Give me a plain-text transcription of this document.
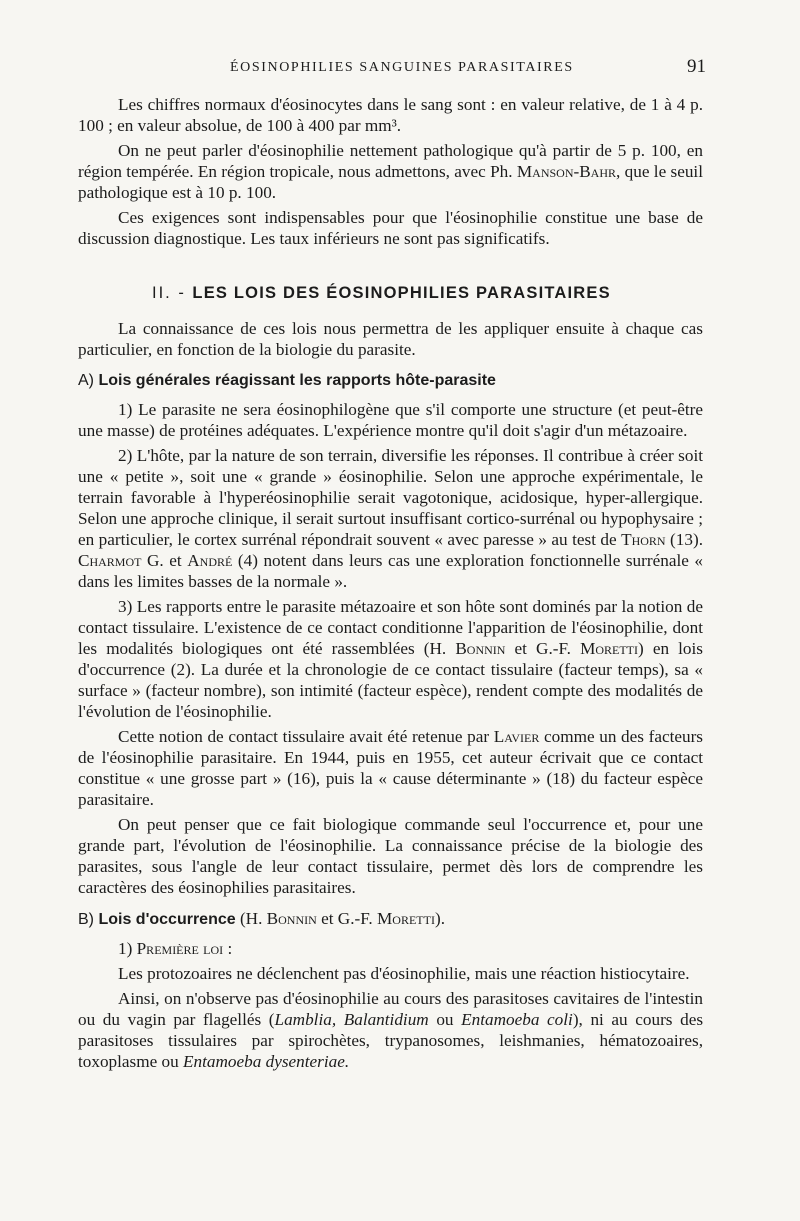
ÉOSINOPHILIES SANGUINES PARASITAIRES	91

Les chiffres normaux d'éosinocytes dans le sang sont : en valeur relative, de 1 à 4 p. 100 ; en valeur absolue, de 100 à 400 par mm³.

On ne peut parler d'éosinophilie nettement pathologique qu'à partir de 5 p. 100, en région tempérée. En région tropicale, nous admettons, avec Ph. Manson-Bahr, que le seuil pathologique est à 10 p. 100.

Ces exigences sont indispensables pour que l'éosinophilie constitue une base de discussion diagnostique. Les taux inférieurs ne sont pas significatifs.

II. - LES LOIS DES ÉOSINOPHILIES PARASITAIRES

La connaissance de ces lois nous permettra de les appliquer ensuite à chaque cas particulier, en fonction de la biologie du parasite.

A) Lois générales réagissant les rapports hôte-parasite

1) Le parasite ne sera éosinophilogène que s'il comporte une structure (et peut-être une masse) de protéines adéquates. L'expérience montre qu'il doit s'agir d'un métazoaire.

2) L'hôte, par la nature de son terrain, diversifie les réponses. Il contribue à créer soit une « petite », soit une « grande » éosinophilie. Selon une approche expérimentale, le terrain favorable à l'hyperéosinophilie serait vagotonique, acidosique, hyper-allergique. Selon une approche clinique, il serait surtout insuffisant cortico-surrénal ou hypophysaire ; en particulier, le cortex surrénal répondrait souvent « avec paresse » au test de Thorn (13). Charmot G. et André (4) notent dans leurs cas une exploration fonctionnelle surrénale « dans les limites basses de la normale ».

3) Les rapports entre le parasite métazoaire et son hôte sont dominés par la notion de contact tissulaire. L'existence de ce contact conditionne l'apparition de l'éosinophilie, dont les modalités biologiques ont été rassemblées (H. Bonnin et G.-F. Moretti) en lois d'occurrence (2). La durée et la chronologie de ce contact tissulaire (facteur temps), sa « surface » (facteur nombre), son intimité (facteur espèce), rendent compte des modalités de l'évolution de l'éosinophilie.

Cette notion de contact tissulaire avait été retenue par Lavier comme un des facteurs de l'éosinophilie parasitaire. En 1944, puis en 1955, cet auteur écrivait que ce contact constitue « une grosse part » (16), puis la « cause déterminante » (18) du facteur espèce parasitaire.

On peut penser que ce fait biologique commande seul l'occurrence et, pour une grande part, l'évolution de l'éosinophilie. La connaissance précise de la biologie des parasites, sous l'angle de leur contact tissulaire, permet dès lors de comprendre les caractères des éosinophilies parasitaires.

B) Lois d'occurrence (H. Bonnin et G.-F. Moretti).

1) Première loi :

Les protozoaires ne déclenchent pas d'éosinophilie, mais une réaction histiocytaire.

Ainsi, on n'observe pas d'éosinophilie au cours des parasitoses cavitaires de l'intestin ou du vagin par flagellés (Lamblia, Balantidium ou Entamoeba coli), ni au cours des parasitoses tissulaires par spirochètes, trypanosomes, leishmanies, hématozoaires, toxoplasme ou Entamoeba dysenteriae.
